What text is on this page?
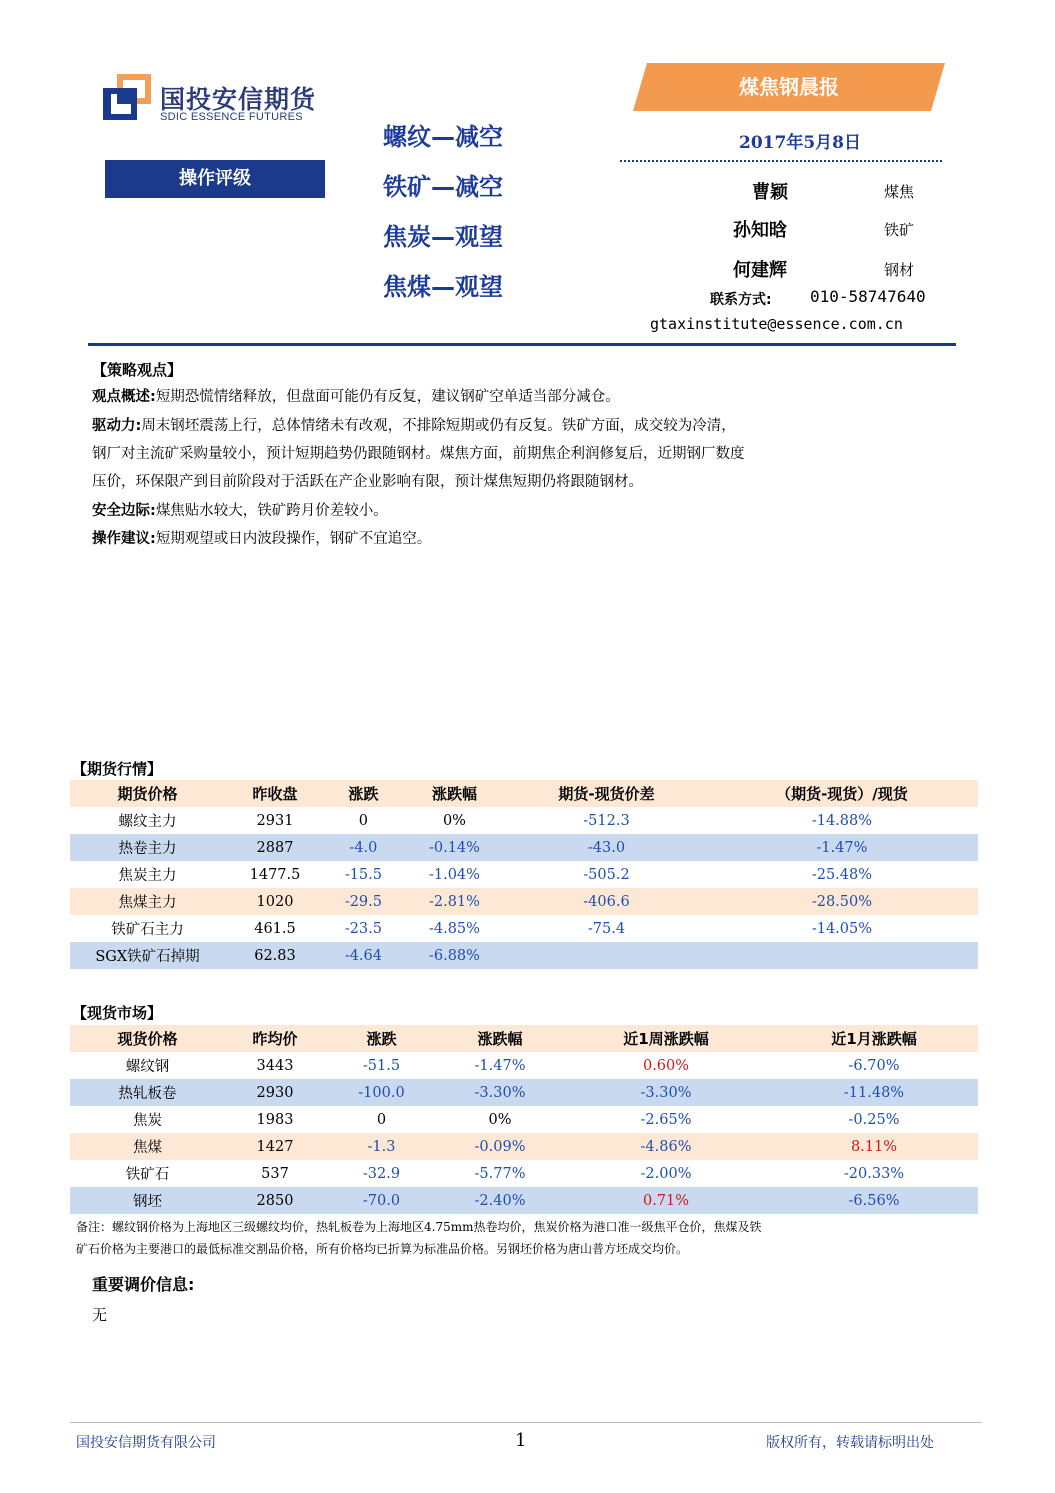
国投安信期货
SDIC ESSENCE FUTURES
操作评级
螺纹—减空
铁矿—减空
焦炭—观望
焦煤—观望
煤焦钢晨报
2017年5月8日
曹颖	煤焦
孙知晗	铁矿
何建辉	钢材
联系方式: 010-58747640
gtaxinstitute@essence.com.cn
【策略观点】
观点概述:短期恐慌情绪释放，但盘面可能仍有反复，建议钢矿空单适当部分减仓。
驱动力:周末钢坯震荡上行，总体情绪未有改观，不排除短期或仍有反复。铁矿方面，成交较为冷清，
钢厂对主流矿采购量较小，预计短期趋势仍跟随钢材。煤焦方面，前期焦企利润修复后，近期钢厂数度
压价，环保限产到目前阶段对于活跃在产企业影响有限，预计煤焦短期仍将跟随钢材。
安全边际:煤焦贴水较大，铁矿跨月价差较小。
操作建议:短期观望或日内波段操作，钢矿不宜追空。
【期货行情】
期货价格	昨收盘	涨跌	涨跌幅	期货-现货价差	（期货-现货）/现货
螺纹主力	2931	0	0%	-512.3	-14.88%
热卷主力	2887	-4.0	-0.14%	-43.0	-1.47%
焦炭主力	1477.5	-15.5	-1.04%	-505.2	-25.48%
焦煤主力	1020	-29.5	-2.81%	-406.6	-28.50%
铁矿石主力	461.5	-23.5	-4.85%	-75.4	-14.05%
SGX铁矿石掉期	62.83	-4.64	-6.88%		
【现货市场】
现货价格	昨均价	涨跌	涨跌幅	近1周涨跌幅	近1月涨跌幅
螺纹钢	3443	-51.5	-1.47%	0.60%	-6.70%
热轧板卷	2930	-100.0	-3.30%	-3.30%	-11.48%
焦炭	1983	0	0%	-2.65%	-0.25%
焦煤	1427	-1.3	-0.09%	-4.86%	8.11%
铁矿石	537	-32.9	-5.77%	-2.00%	-20.33%
钢坯	2850	-70.0	-2.40%	0.71%	-6.56%
备注：螺纹钢价格为上海地区三级螺纹均价，热轧板卷为上海地区4.75mm热卷均价，焦炭价格为港口准一级焦平仓价，焦煤及铁
矿石价格为主要港口的最低标准交割品价格，所有价格均已折算为标准品价格。另钢坯价格为唐山普方坯成交均价。
重要调价信息:
无
国投安信期货有限公司	1	版权所有，转载请标明出处
